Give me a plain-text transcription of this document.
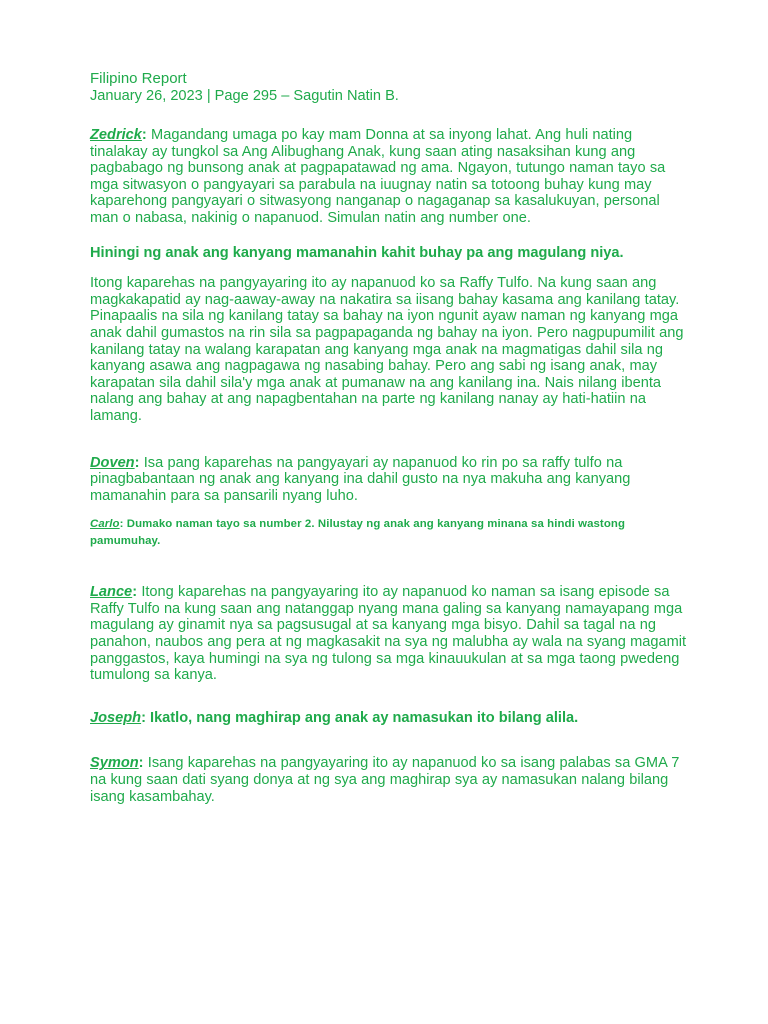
Filipino Report

January 26, 2023 | Page 295 – Sagutin Natin B.

Zedrick: Magandang umaga po kay mam Donna at sa inyong lahat. Ang huli nating tinalakay ay tungkol sa Ang Alibughang Anak, kung saan ating nasaksihan kung ang pagbabago ng bunsong anak at pagpapatawad ng ama. Ngayon, tutungo naman tayo sa mga sitwasyon o pangyayari sa parabula na iuugnay natin sa totoong buhay kung may kaparehong pangyayari o sitwasyong nanganap o nagaganap sa kasalukuyan, personal man o nabasa, nakinig o napanuod. Simulan natin ang number one.

Hiningi ng anak ang kanyang mamanahin kahit buhay pa ang magulang niya.

Itong kaparehas na pangyayaring ito ay napanuod ko sa Raffy Tulfo. Na kung saan ang magkakapatid ay nag-aaway-away na nakatira sa iisang bahay kasama ang kanilang tatay. Pinapaalis na sila ng kanilang tatay sa bahay na iyon ngunit ayaw naman ng kanyang mga anak dahil gumastos na rin sila sa pagpapaganda ng bahay na iyon. Pero nagpupumilit ang kanilang tatay na walang karapatan ang kanyang mga anak na magmatigas dahil sila ng kanyang asawa ang nagpagawa ng nasabing bahay. Pero ang sabi ng isang anak, may karapatan sila dahil sila'y mga anak at pumanaw na ang kanilang ina. Nais nilang ibenta nalang ang bahay at ang napagbentahan na parte ng kanilang nanay ay hati-hatiin na lamang.

Doven: Isa pang kaparehas na pangyayari ay napanuod ko rin po sa raffy tulfo na pinagbabantaan ng anak ang kanyang ina dahil gusto na nya makuha ang kanyang mamanahin para sa pansarili nyang luho.

Carlo: Dumako naman tayo sa number 2. Nilustay ng anak ang kanyang minana sa hindi wastong pamumuhay.

Lance: Itong kaparehas na pangyayaring ito ay napanuod ko naman sa isang episode sa Raffy Tulfo na kung saan ang natanggap nyang mana galing sa kanyang namayapang mga magulang ay ginamit nya sa pagsusugal at sa kanyang mga bisyo. Dahil sa tagal na ng panahon, naubos ang pera at ng magkasakit na sya ng malubha ay wala na syang magamit panggastos, kaya humingi na sya ng tulong sa mga kinauukulan at sa mga taong pwedeng tumulong sa kanya.

Joseph: Ikatlo, nang maghirap ang anak ay namasukan ito bilang alila.

Symon: Isang kaparehas na pangyayaring ito ay napanuod ko sa isang palabas sa GMA 7 na kung saan dati syang donya at ng sya ang maghirap sya ay namasukan nalang bilang isang kasambahay.
